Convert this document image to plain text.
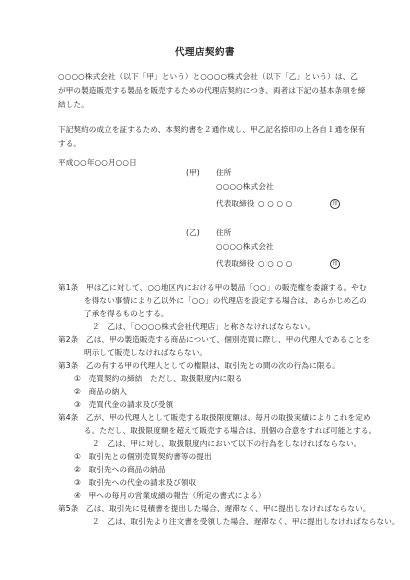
代理店契約書
○○○○株式会社（以下「甲」という）と○○○○株式会社（以下「乙」という）は、乙
が甲の製造販売する製品を販売するための代理店契約につき、両者は下記の基本条項を締
結した。
下記契約の成立を証するため、本契約書を２通作成し、甲乙記名捺印の上各自１通を保有
する。
平成○○年○○月○○日
(甲) 住所
○○○○株式会社
代表取締役 ○ ○ ○ ○	印
(乙) 住所
○○○○株式会社
代表取締役 ○ ○ ○ ○	印
第1条　甲は乙に対して、○○地区内における甲の製品「○○」の販売権を委譲する。やむ
を得ない事情により乙以外に「○○」の代理店を設定する場合は、あらかじめ乙の
了承を得るものとする。
２　乙は、「○○○○株式会社代理店」と称さなければならない。
第2条　乙は、甲の製造販売する商品について、個別売買に際し、甲の代理人であることを
明示して販売しなければならない。
第3条　乙の有する甲の代理人としての権限は、取引先との間の次の行為に限る。
①　売買契約の締結　ただし、取扱限度内に限る
②　商品の納入
③　売買代金の請求及び受領
第4条　乙が、甲の代理人として販売する取扱限度額は、毎月の取扱実績によりこれを定め
る。ただし、取扱限度額を超えて販売する場合は、別個の合意をすれば可能とする。
２　乙は、甲に対し、取扱限度内において以下の行為をしなければならない。
①　取引先との個別売買契約書等の提出
②　取引先への商品の納品
③　取引先への代金の請求及び領収
④　甲への毎月の営業成績の報告（所定の書式による）
第5条　乙は、取引先に見積書を提出した場合、遅滞なく、甲に提出しなければならない。
２　乙は、取引先より注文書を受領した場合、遅滞なく、甲に提出しなければならない。
